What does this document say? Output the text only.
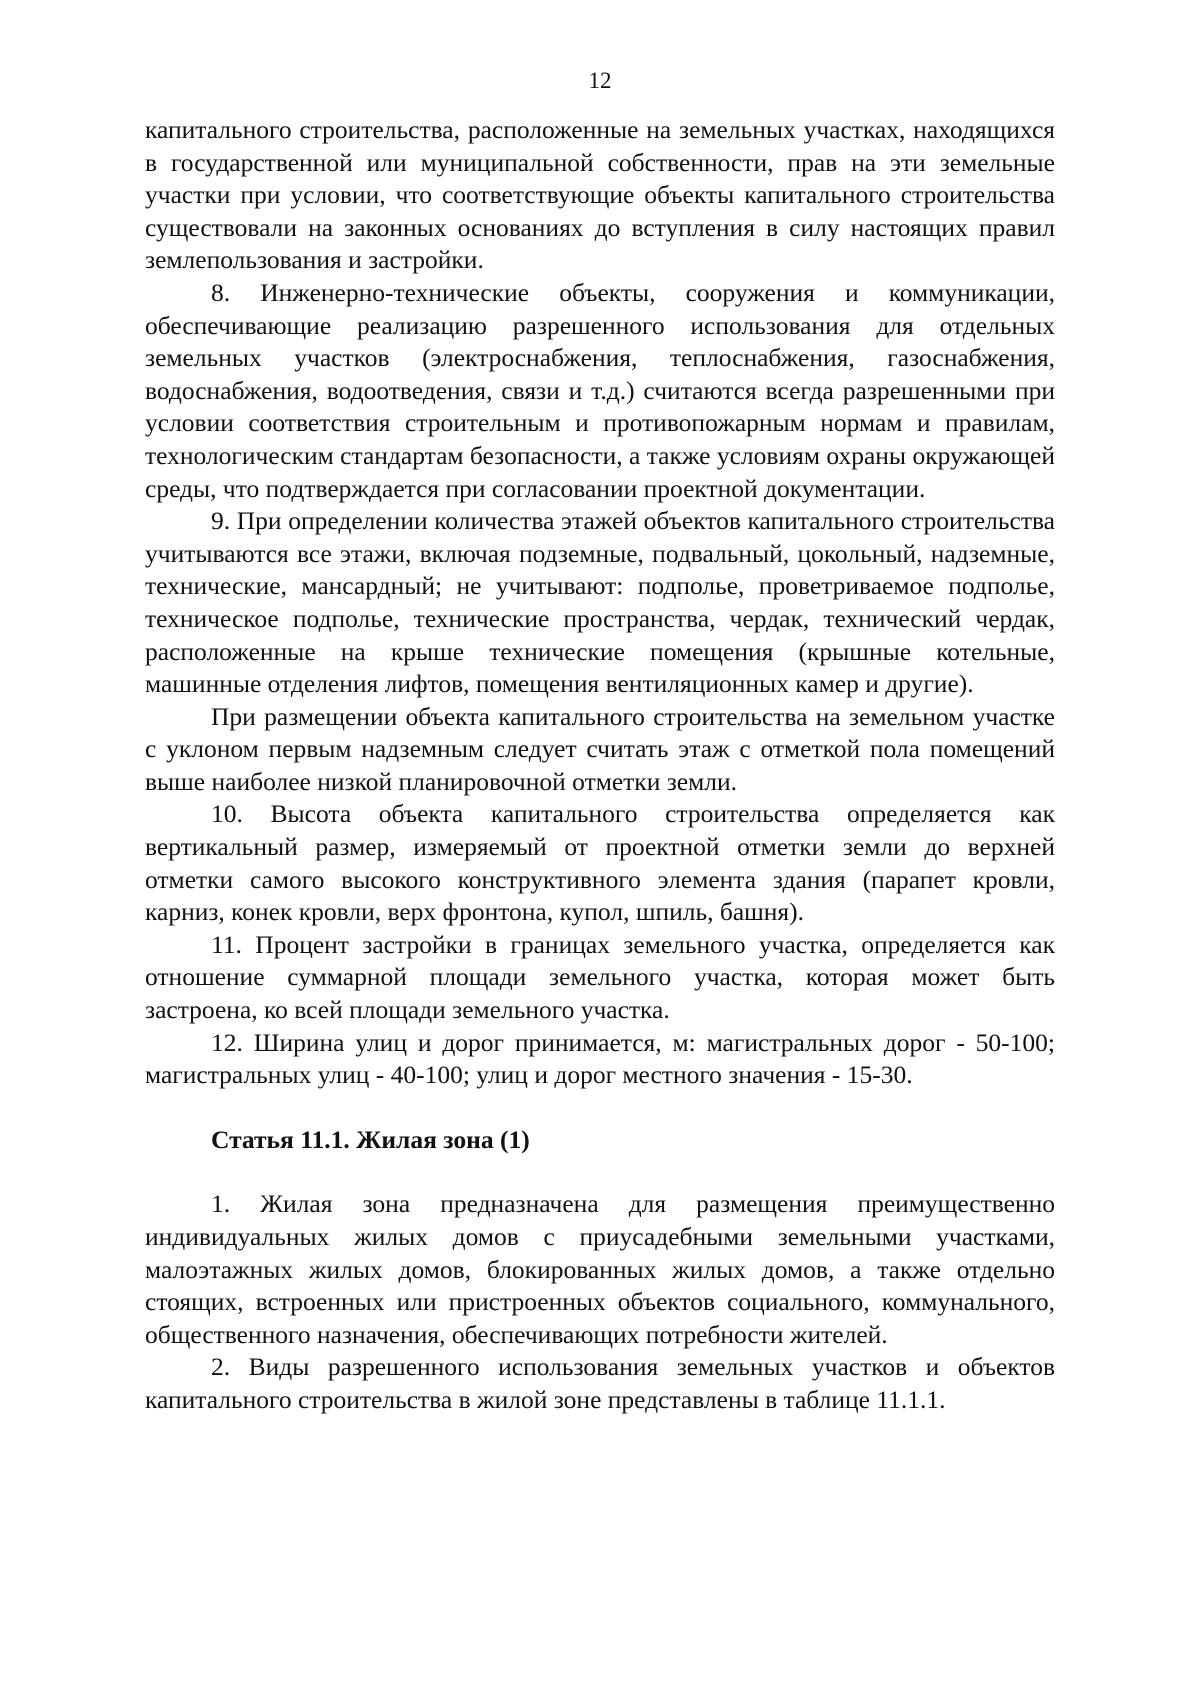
12

капитального строительства, расположенные на земельных участках, находящихся в государственной или муниципальной собственности, прав на эти земельные участки при условии, что соответствующие объекты капитального строительства существовали на законных основаниях до вступления в силу настоящих правил землепользования и застройки.

8. Инженерно-технические объекты, сооружения и коммуникации, обеспечивающие реализацию разрешенного использования для отдельных земельных участков (электроснабжения, теплоснабжения, газоснабжения, водоснабжения, водоотведения, связи и т.д.) считаются всегда разрешенными при условии соответствия строительным и противопожарным нормам и правилам, технологическим стандартам безопасности, а также условиям охраны окружающей среды, что подтверждается при согласовании проектной документации.

9. При определении количества этажей объектов капитального строительства учитываются все этажи, включая подземные, подвальный, цокольный, надземные, технические, мансардный; не учитывают: подполье, проветриваемое подполье, техническое подполье, технические пространства, чердак, технический чердак, расположенные на крыше технические помещения (крышные котельные, машинные отделения лифтов, помещения вентиляционных камер и другие).

При размещении объекта капитального строительства на земельном участке с уклоном первым надземным следует считать этаж с отметкой пола помещений выше наиболее низкой планировочной отметки земли.

10. Высота объекта капитального строительства определяется как вертикальный размер, измеряемый от проектной отметки земли до верхней отметки самого высокого конструктивного элемента здания (парапет кровли, карниз, конек кровли, верх фронтона, купол, шпиль, башня).

11. Процент застройки в границах земельного участка, определяется как отношение суммарной площади земельного участка, которая может быть застроена, ко всей площади земельного участка.

12. Ширина улиц и дорог принимается, м: магистральных дорог - 50-100; магистральных улиц - 40-100; улиц и дорог местного значения - 15-30.

Статья 11.1. Жилая зона (1)

1. Жилая зона предназначена для размещения преимущественно индивидуальных жилых домов с приусадебными земельными участками, малоэтажных жилых домов, блокированных жилых домов, а также отдельно стоящих, встроенных или пристроенных объектов социального, коммунального, общественного назначения, обеспечивающих потребности жителей.

2. Виды разрешенного использования земельных участков и объектов капитального строительства в жилой зоне представлены в таблице 11.1.1.
